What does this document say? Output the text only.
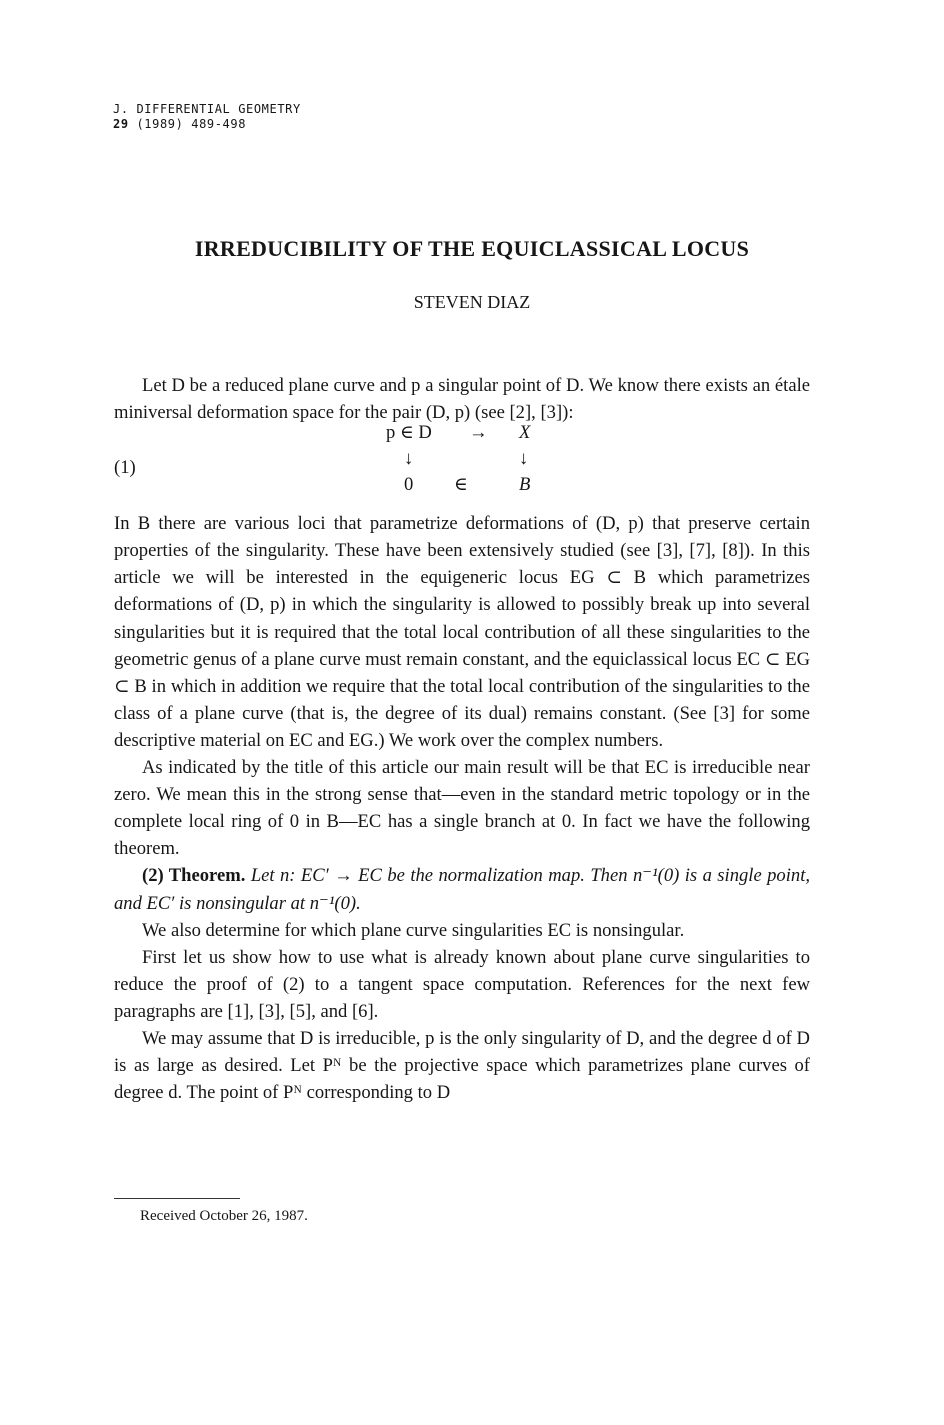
J. DIFFERENTIAL GEOMETRY
29 (1989) 489-498
IRREDUCIBILITY OF THE EQUICLASSICAL LOCUS
STEVEN DIAZ

Let D be a reduced plane curve and p a singular point of D. We know there exists an étale miniversal deformation space for the pair (D, p) (see [2], [3]):

(1)
p ∈ D → X
↓	↓
0 ∈	B

In B there are various loci that parametrize deformations of (D, p) that preserve certain properties of the singularity. These have been extensively studied (see [3], [7], [8]). In this article we will be interested in the equigeneric locus EG ⊂ B which parametrizes deformations of (D, p) in which the singularity is allowed to possibly break up into several singularities but it is required that the total local contribution of all these singularities to the geometric genus of a plane curve must remain constant, and the equiclassical locus EC ⊂ EG ⊂ B in which in addition we require that the total local contribution of the singularities to the class of a plane curve (that is, the degree of its dual) remains constant. (See [3] for some descriptive material on EC and EG.) We work over the complex numbers.

As indicated by the title of this article our main result will be that EC is irreducible near zero. We mean this in the strong sense that—even in the standard metric topology or in the complete local ring of 0 in B—EC has a single branch at 0. In fact we have the following theorem.

(2) Theorem. Let n: EC′ → EC be the normalization map. Then n⁻¹(0) is a single point, and EC′ is nonsingular at n⁻¹(0).

We also determine for which plane curve singularities EC is nonsingular.

First let us show how to use what is already known about plane curve singularities to reduce the proof of (2) to a tangent space computation. References for the next few paragraphs are [1], [3], [5], and [6].

We may assume that D is irreducible, p is the only singularity of D, and the degree d of D is as large as desired. Let Pᴺ be the projective space which parametrizes plane curves of degree d. The point of Pᴺ corresponding to D

Received October 26, 1987.
